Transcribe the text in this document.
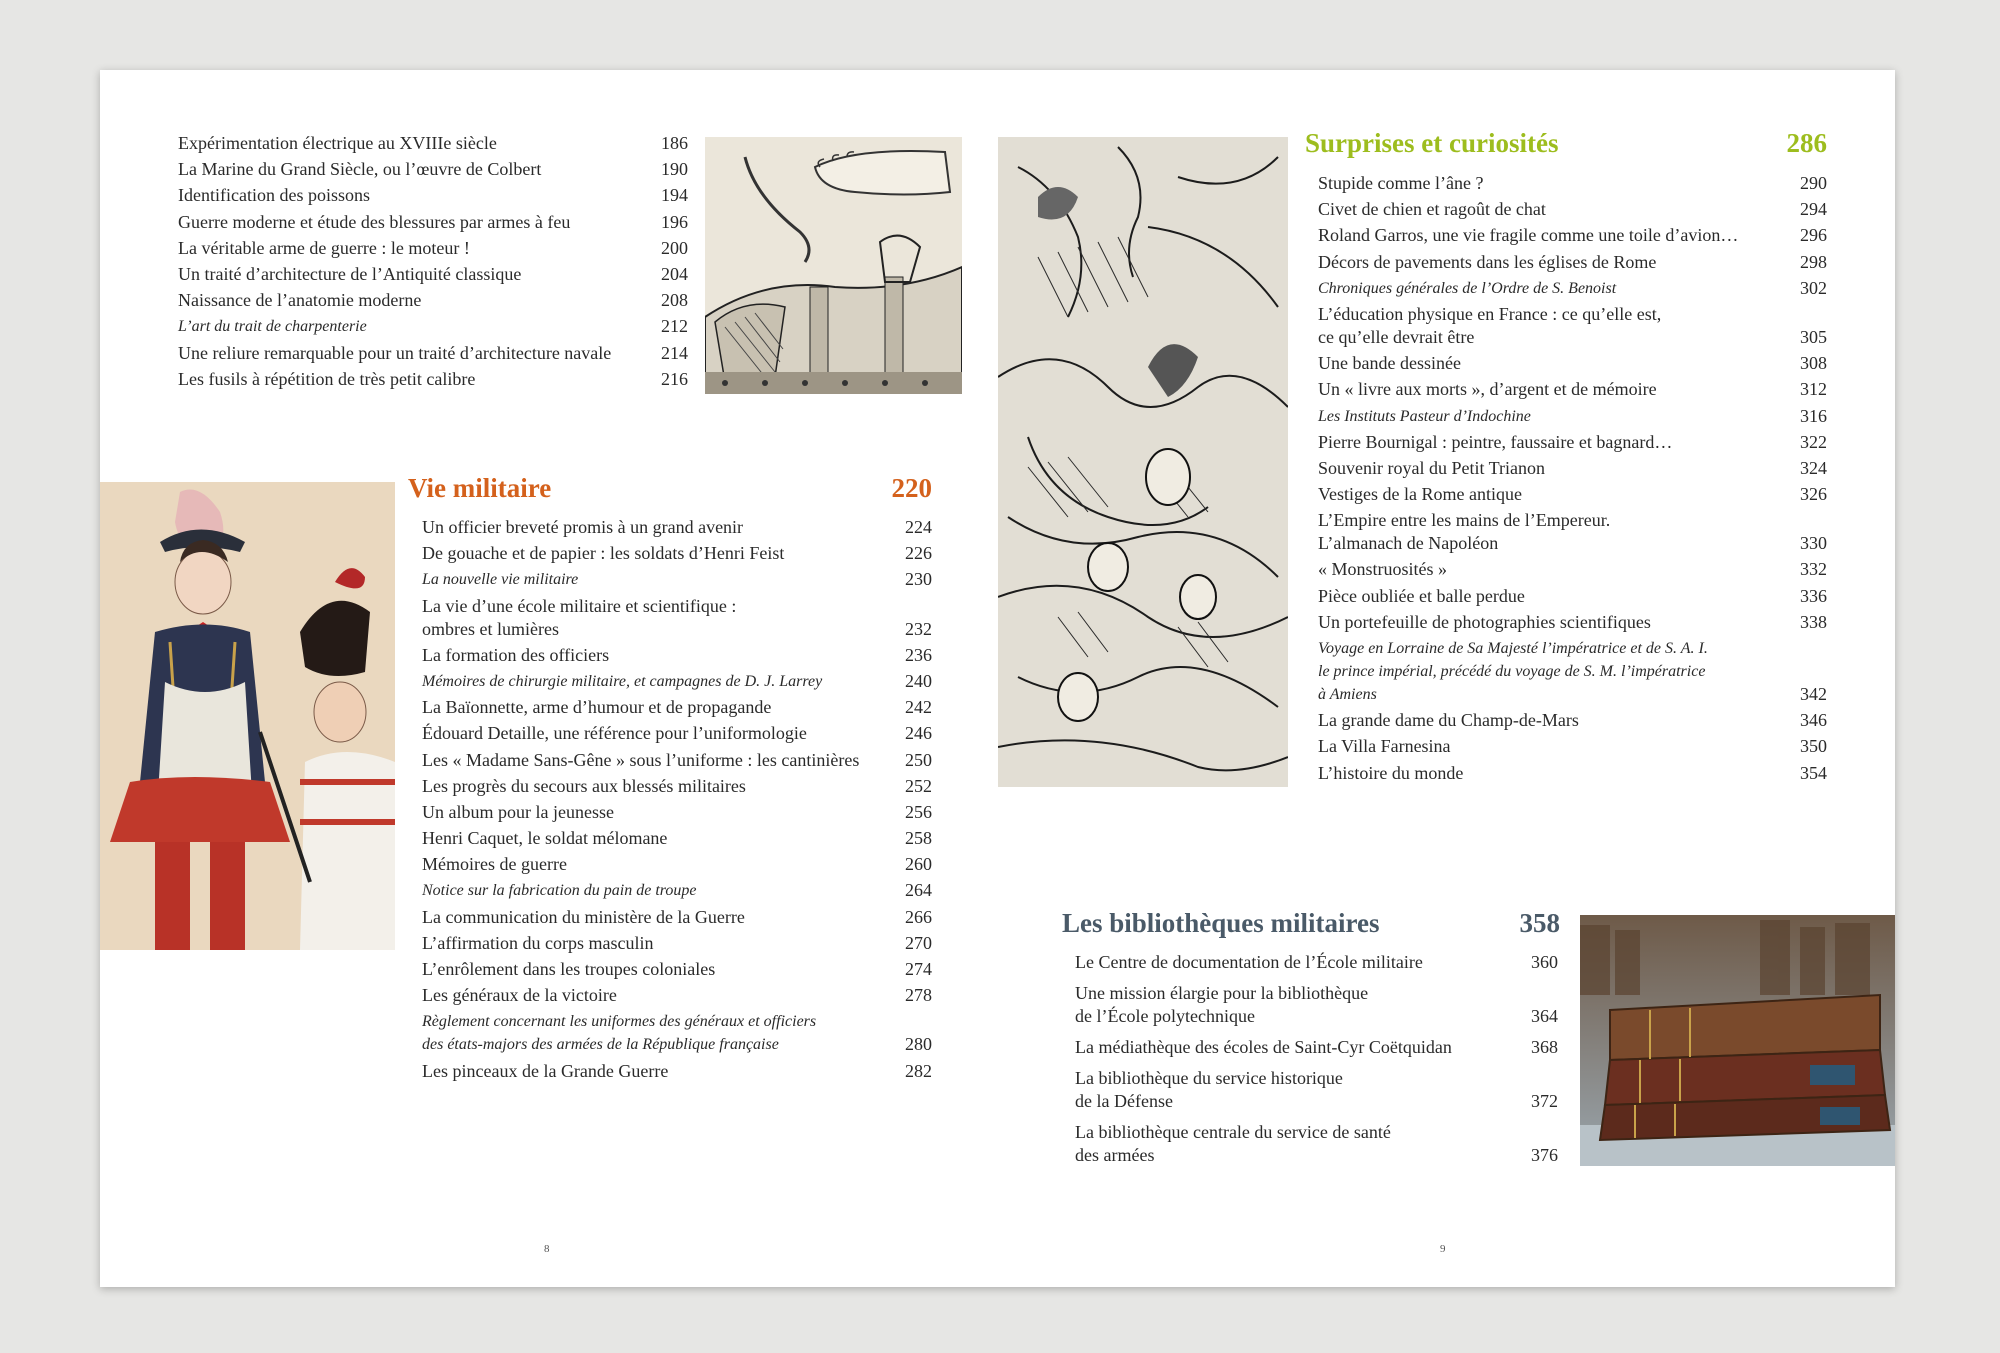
Expérimentation électrique au XVIIIe siècle	186
La Marine du Grand Siècle, ou l’œuvre de Colbert	190
Identification des poissons	194
Guerre moderne et étude des blessures par armes à feu	196
La véritable arme de guerre : le moteur !	200
Un traité d’architecture de l’Antiquité classique	204
Naissance de l’anatomie moderne	208
L’art du trait de charpenterie	212
Une reliure remarquable pour un traité d’architecture navale	214
Les fusils à répétition de très petit calibre	216
Vie militaire	220
Un officier breveté promis à un grand avenir	224
De gouache et de papier : les soldats d’Henri Feist	226
La nouvelle vie militaire	230
La vie d’une école militaire et scientifique :
ombres et lumières	232
La formation des officiers	236
Mémoires de chirurgie militaire, et campagnes de D. J. Larrey	240
La Baïonnette, arme d’humour et de propagande	242
Édouard Detaille, une référence pour l’uniformologie	246
Les « Madame Sans-Gêne » sous l’uniforme : les cantinières	250
Les progrès du secours aux blessés militaires	252
Un album pour la jeunesse	256
Henri Caquet, le soldat mélomane	258
Mémoires de guerre	260
Notice sur la fabrication du pain de troupe	264
La communication du ministère de la Guerre	266
L’affirmation du corps masculin	270
L’enrôlement dans les troupes coloniales	274
Les généraux de la victoire	278
Règlement concernant les uniformes des généraux et officiers
des états-majors des armées de la République française	280
Les pinceaux de la Grande Guerre	282
Surprises et curiosités	286
Stupide comme l’âne ?	290
Civet de chien et ragoût de chat	294
Roland Garros, une vie fragile comme une toile d’avion…	296
Décors de pavements dans les églises de Rome	298
Chroniques générales de l’Ordre de S. Benoist	302
L’éducation physique en France : ce qu’elle est,
ce qu’elle devrait être	305
Une bande dessinée	308
Un « livre aux morts », d’argent et de mémoire	312
Les Instituts Pasteur d’Indochine	316
Pierre Bournigal : peintre, faussaire et bagnard…	322
Souvenir royal du Petit Trianon	324
Vestiges de la Rome antique	326
L’Empire entre les mains de l’Empereur.
L’almanach de Napoléon	330
« Monstruosités »	332
Pièce oubliée et balle perdue	336
Un portefeuille de photographies scientifiques	338
Voyage en Lorraine de Sa Majesté l’impératrice et de S. A. I.
le prince impérial, précédé du voyage de S. M. l’impératrice
à Amiens	342
La grande dame du Champ-de-Mars	346
La Villa Farnesina	350
L’histoire du monde	354
Les bibliothèques militaires	358
Le Centre de documentation de l’École militaire	360
Une mission élargie pour la bibliothèque
de l’École polytechnique	364
La médiathèque des écoles de Saint-Cyr Coëtquidan	368
La bibliothèque du service historique
de la Défense	372
La bibliothèque centrale du service de santé
des armées	376
8	9
